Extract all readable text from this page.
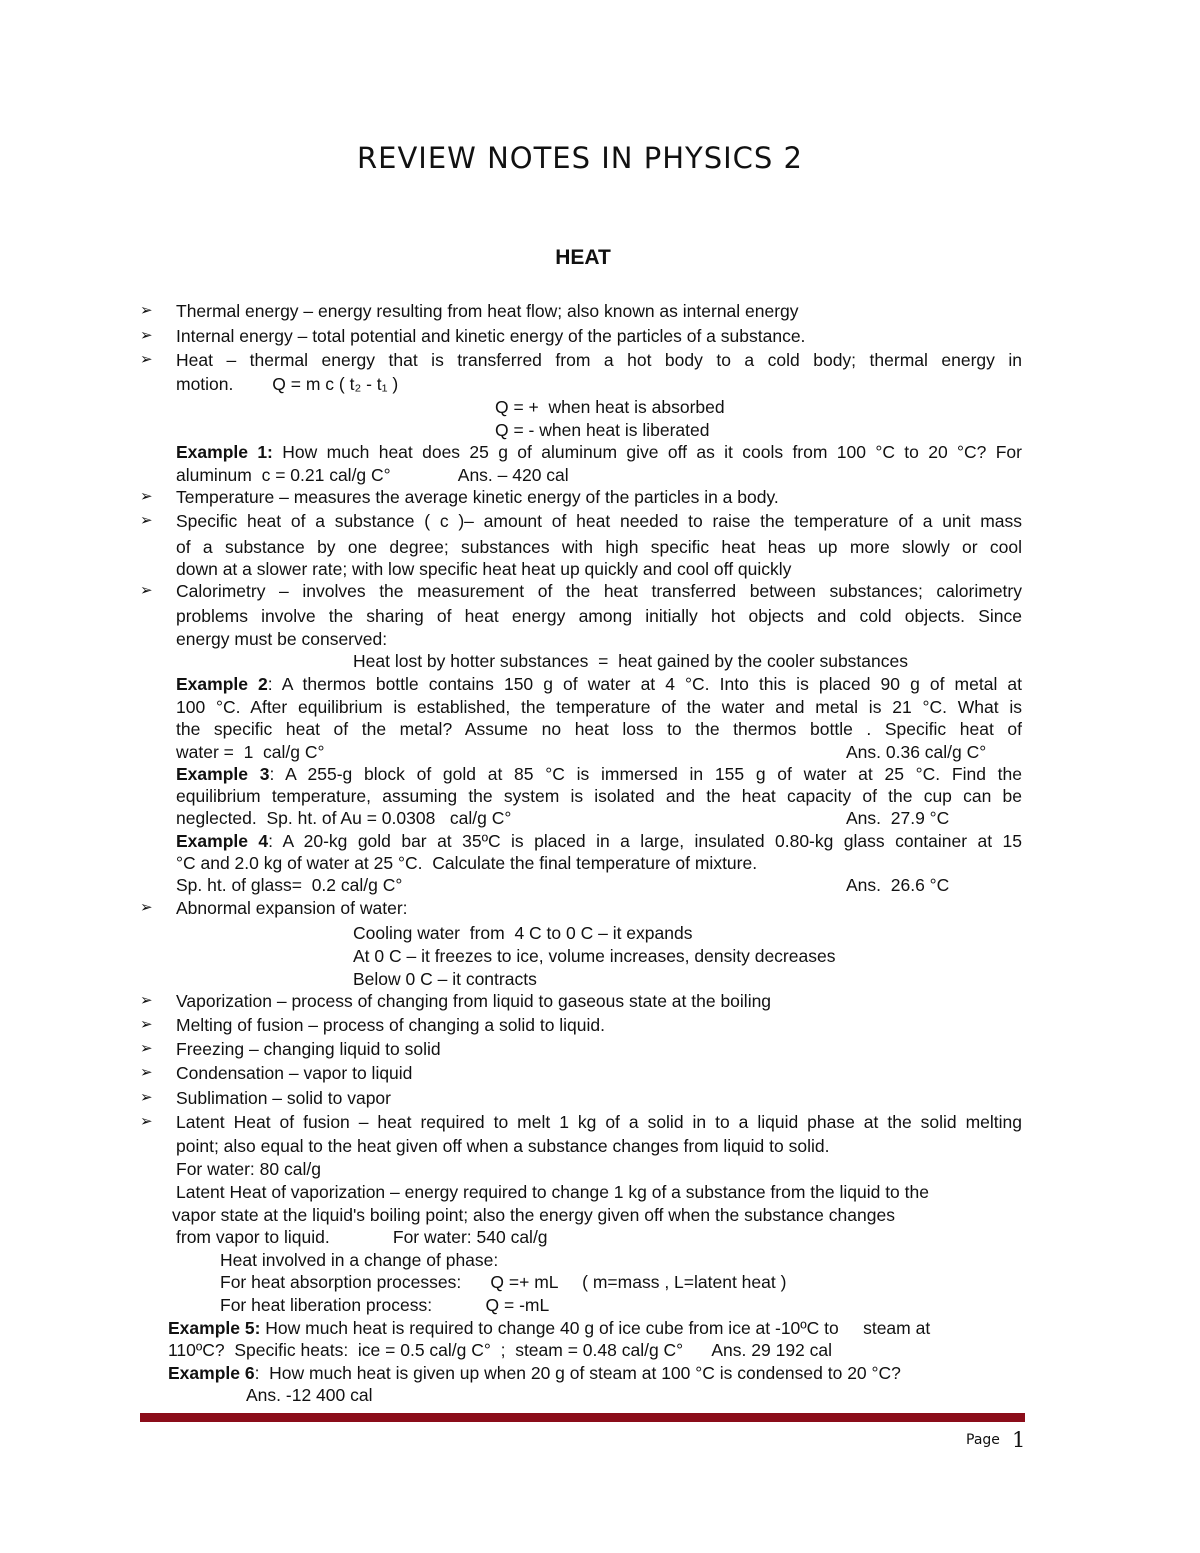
REVIEW NOTES IN PHYSICS 2
HEAT
➢
➢
➢
➢
➢
➢
➢
➢
➢
➢
➢
➢
➢
Thermal energy – energy resulting from heat flow; also known as internal energy
Internal energy – total potential and kinetic energy of the particles of a substance.
Heat – thermal energy that is transferred from a hot body to a cold body; thermal energy in
motion.        Q = m c ( t₂ - t₁ )
Q = +  when heat is absorbed
Q = - when heat is liberated
Example 1: How much heat does 25 g of aluminum give off as it cools from 100 °C to 20 °C? For
aluminum  c = 0.21 cal/g C°              Ans. – 420 cal
Temperature – measures the average kinetic energy of the particles in a body.
Specific heat of a substance ( c )– amount of heat needed to raise the temperature of a unit mass
of a substance by one degree; substances with high specific heat heas up more slowly or cool
down at a slower rate; with low specific heat heat up quickly and cool off quickly
Calorimetry – involves the measurement of the heat transferred between substances; calorimetry
problems involve the sharing of heat energy among initially hot objects and cold objects. Since
energy must be conserved:
Heat lost by hotter substances  =  heat gained by the cooler substances
Example 2: A thermos bottle contains 150 g of water at 4 °C. Into this is placed 90 g of metal at
100 °C. After equilibrium is established, the temperature of the water and metal is 21 °C. What is
the specific heat of the metal? Assume no heat loss to the thermos bottle . Specific heat of
water =  1  cal/g C°	Ans. 0.36 cal/g C°
Example 3: A 255-g block of gold at 85 °C is immersed in 155 g of water at 25 °C. Find the
equilibrium temperature, assuming the system is isolated and the heat capacity of the cup can be
neglected.  Sp. ht. of Au = 0.0308   cal/g C°	Ans.  27.9 °C
Example 4: A 20-kg gold bar at 35ºC is placed in a large, insulated 0.80-kg glass container at 15
°C and 2.0 kg of water at 25 °C.  Calculate the final temperature of mixture.
Sp. ht. of glass=  0.2 cal/g C°	Ans.  26.6 °C
Abnormal expansion of water:
Cooling water  from  4 C to 0 C – it expands
At 0 C – it freezes to ice, volume increases, density decreases
Below 0 C – it contracts
Vaporization – process of changing from liquid to gaseous state at the boiling
Melting of fusion – process of changing a solid to liquid.
Freezing – changing liquid to solid
Condensation – vapor to liquid
Sublimation – solid to vapor
Latent Heat of fusion – heat required to melt 1 kg of a solid in to a liquid phase at the solid melting
point; also equal to the heat given off when a substance changes from liquid to solid.
For water: 80 cal/g
Latent Heat of vaporization – energy required to change 1 kg of a substance from the liquid to the
vapor state at the liquid's boiling point; also the energy given off when the substance changes
from vapor to liquid.             For water: 540 cal/g
Heat involved in a change of phase:
For heat absorption processes:      Q =+ mL     ( m=mass , L=latent heat )
For heat liberation process:           Q = -mL
Example 5: How much heat is required to change 40 g of ice cube from ice at -10ºC to     steam at
110ºC?  Specific heats:  ice = 0.5 cal/g C°  ;  steam = 0.48 cal/g C°      Ans. 29 192 cal
Example 6:  How much heat is given up when 20 g of steam at 100 °C is condensed to 20 °C?
Ans. -12 400 cal
Page 1
